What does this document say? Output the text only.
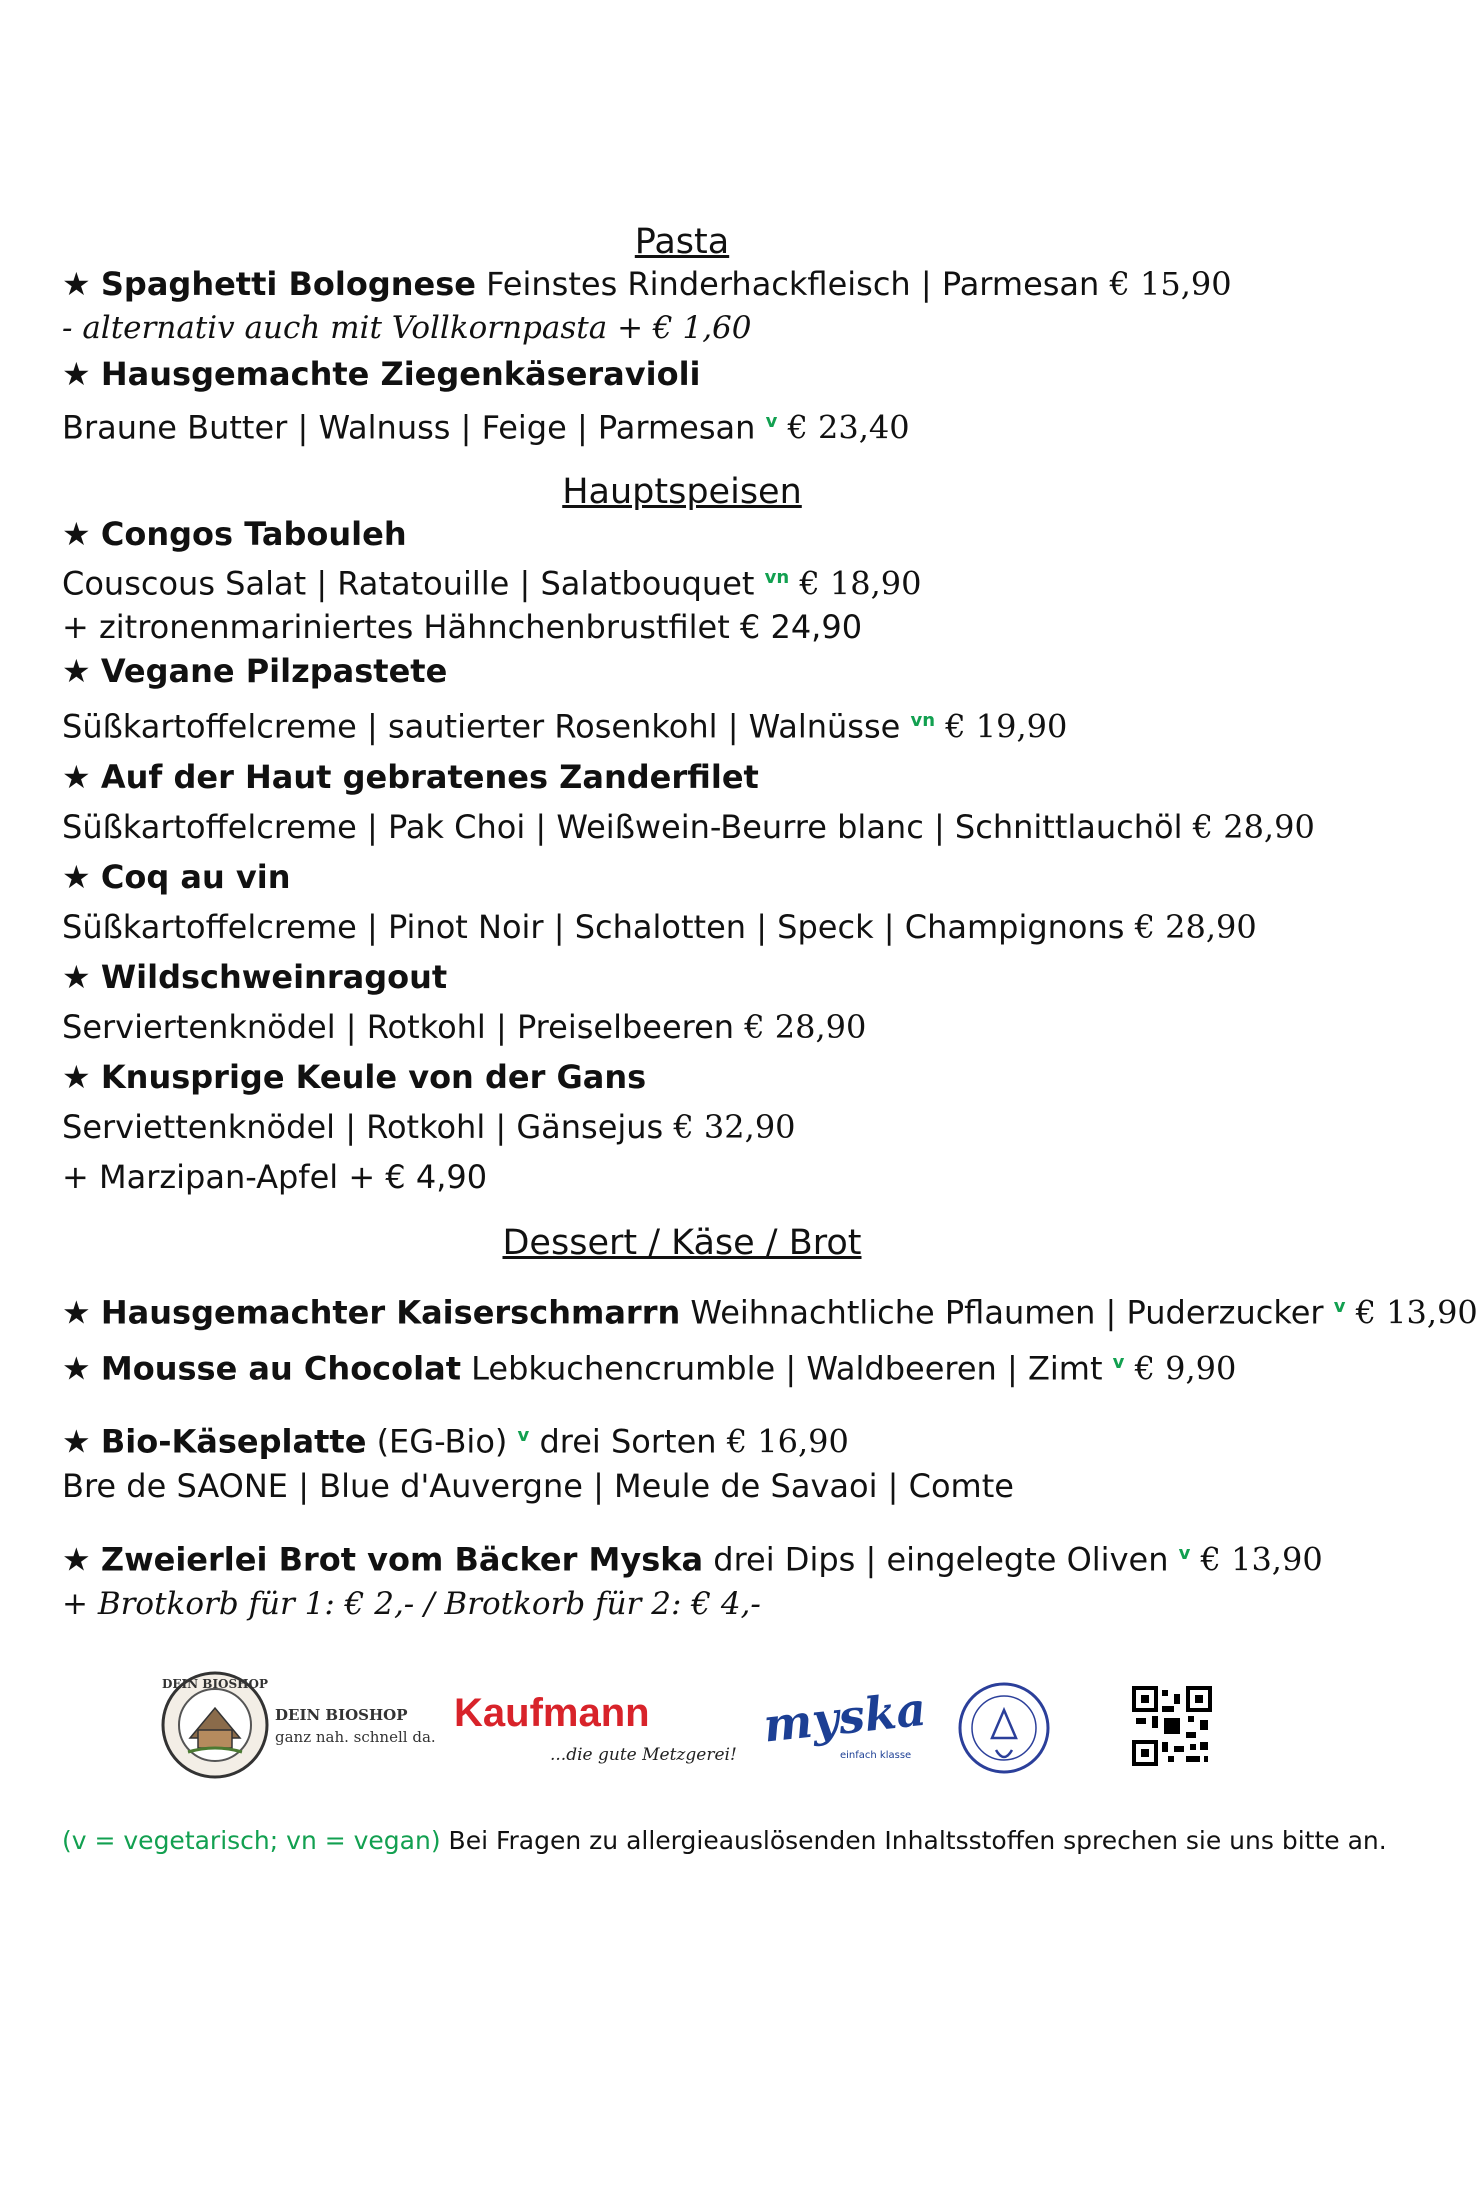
Pasta

★ Spaghetti Bolognese Feinstes Rinderhackfleisch | Parmesan € 15,90

- alternativ auch mit Vollkornpasta + € 1,60

★ Hausgemachte Ziegenkäseravioli

Braune Butter | Walnuss | Feige | Parmesan $^v$ € 23,40

Hauptspeisen

★ Congos Tabouleh

Couscous Salat | Ratatouille | Salatbouquet $^{vn}$ € 18,90

+ zitronenmariniertes Hähnchenbrustfilet € 24,90

★ Vegane Pilzpastete

Süßkartoffelcreme | sautierter Rosenkohl | Walnüsse $^{vn}$ € 19,90

★ Auf der Haut gebratenes Zanderfilet

Süßkartoffelcreme | Pak Choi | Weißwein-Beurre blanc | Schnittlauchöl € 28,90

★ Coq au vin

Süßkartoffelcreme | Pinot Noir | Schalotten | Speck | Champignons € 28,90

★ Wildschweinragout

Serviertenknödel | Rotkohl | Preiselbeeren € 28,90

★ Knusprige Keule von der Gans

Serviettenknödel | Rotkohl | Gänsejus € 32,90

+ Marzipan-Apfel + € 4,90

Dessert / Käse / Brot

★ Hausgemachter Kaiserschmarrn Weihnachtliche Pflaumen | Puderzucker $^v$ € 13,90

★ Mousse au Chocolat Lebkuchencrumble | Waldbeeren | Zimt $^v$ € 9,90

★ Bio-Käseplatte (EG-Bio) $^v$ drei Sorten € 16,90

Bre de SAONE | Blue d'Auvergne | Meule de Savaoi | Comte

★ Zweierlei Brot vom Bäcker Myska drei Dips | eingelegte Oliven $^v$ € 13,90

+ Brotkorb für 1: € 2,- / Brotkorb für 2: € 4,-

DEIN BIOSHOP
DEIN BIOSHOP
ganz nah. schnell da.
Kaufmann
...die gute Metzgerei!
myska
einfach klasse
(v = vegetarisch; vn = vegan) Bei Fragen zu allergieauslösenden Inhaltsstoffen sprechen sie uns bitte an.
